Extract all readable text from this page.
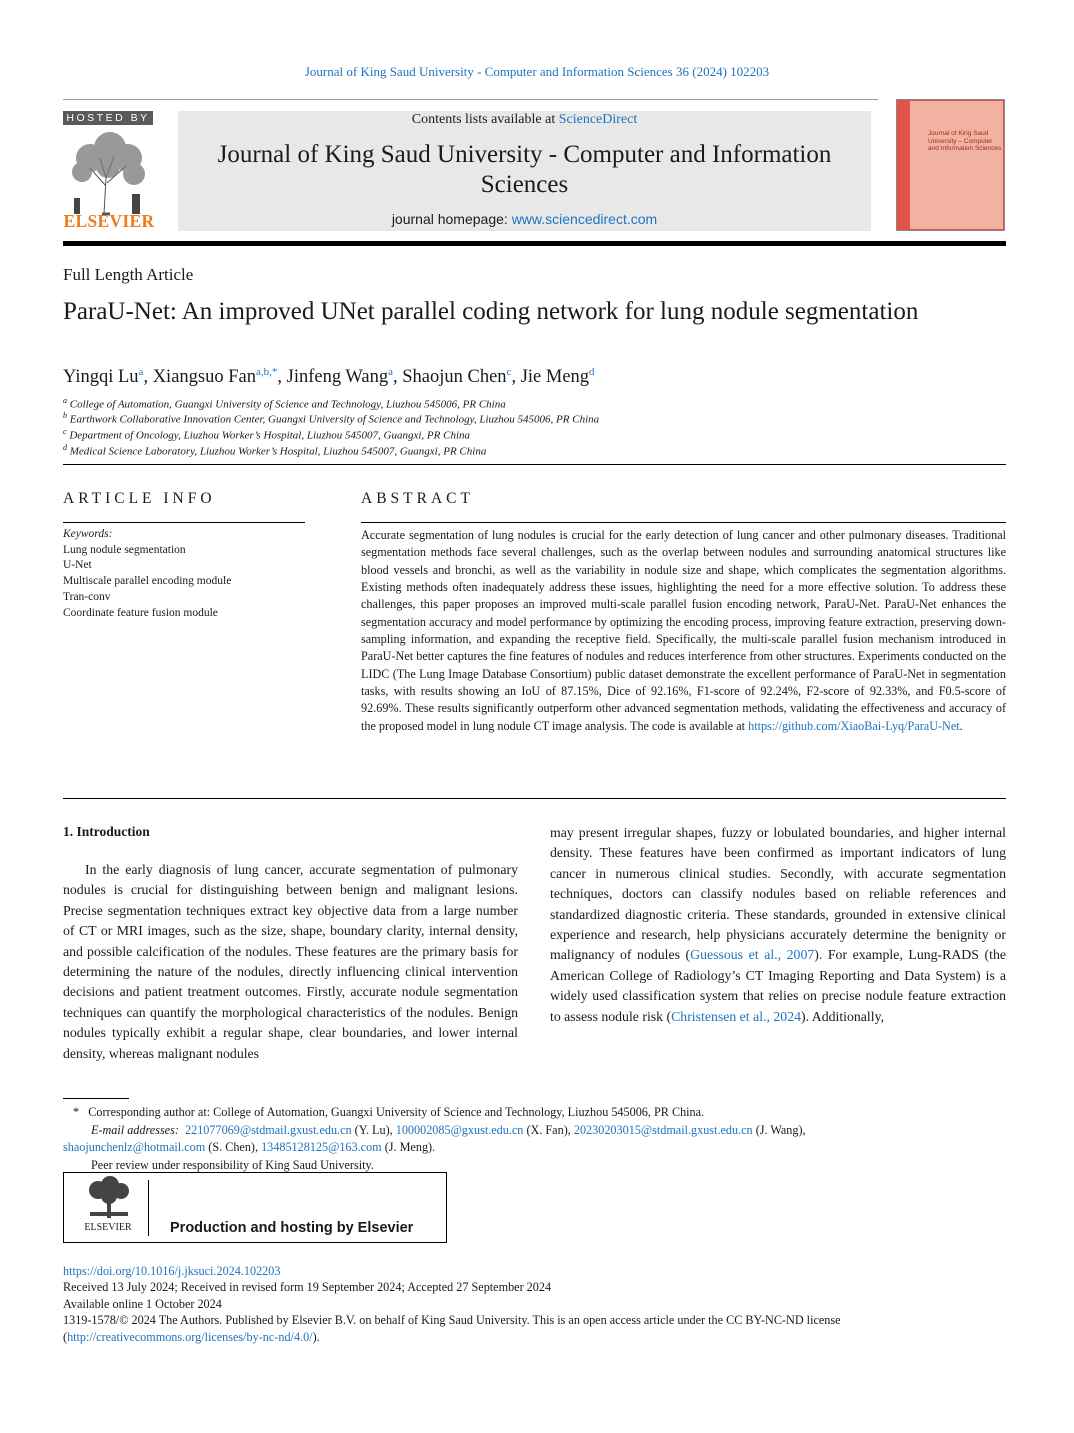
Journal of King Saud University - Computer and Information Sciences 36 (2024) 102203
HOSTED BY
ELSEVIER
Contents lists available at ScienceDirect
Journal of King Saud University - Computer and Information Sciences
journal homepage: www.sciencedirect.com
Journal of King Saud University – Computer and Information Sciences
Full Length Article
ParaU-Net: An improved UNet parallel coding network for lung nodule segmentation
Yingqi Lu$^a$, Xiangsuo Fan$^{a,b,*}$, Jinfeng Wang$^a$, Shaojun Chen$^c$, Jie Meng$^d$
$^a$ College of Automation, Guangxi University of Science and Technology, Liuzhou 545006, PR China
$^b$ Earthwork Collaborative Innovation Center, Guangxi University of Science and Technology, Liuzhou 545006, PR China
$^c$ Department of Oncology, Liuzhou Worker’s Hospital, Liuzhou 545007, Guangxi, PR China
$^d$ Medical Science Laboratory, Liuzhou Worker’s Hospital, Liuzhou 545007, Guangxi, PR China
ARTICLE INFO	ABSTRACT
Keywords:
Lung nodule segmentation
U-Net
Multiscale parallel encoding module
Tran-conv
Coordinate feature fusion module
Accurate segmentation of lung nodules is crucial for the early detection of lung cancer and other pulmonary diseases. Traditional segmentation methods face several challenges, such as the overlap between nodules and surrounding anatomical structures like blood vessels and bronchi, as well as the variability in nodule size and shape, which complicates the segmentation algorithms. Existing methods often inadequately address these issues, highlighting the need for a more effective solution. To address these challenges, this paper proposes an improved multi-scale parallel fusion encoding network, ParaU-Net. ParaU-Net enhances the segmentation accuracy and model performance by optimizing the encoding process, improving feature extraction, preserving down-sampling information, and expanding the receptive field. Specifically, the multi-scale parallel fusion mechanism introduced in ParaU-Net better captures the fine features of nodules and reduces interference from other structures. Experiments conducted on the LIDC (The Lung Image Database Consortium) public dataset demonstrate the excellent performance of ParaU-Net in segmentation tasks, with results showing an IoU of 87.15%, Dice of 92.16%, F1-score of 92.24%, F2-score of 92.33%, and F0.5-score of 92.69%. These results significantly outperform other advanced segmentation methods, validating the effectiveness and accuracy of the proposed model in lung nodule CT image analysis. The code is available at https://github.com/XiaoBai-Lyq/ParaU-Net.
1. Introduction
In the early diagnosis of lung cancer, accurate segmentation of pulmonary nodules is crucial for distinguishing between benign and malignant lesions. Precise segmentation techniques extract key objective data from a large number of CT or MRI images, such as the size, shape, boundary clarity, internal density, and possible calcification of the nodules. These features are the primary basis for determining the nature of the nodules, directly influencing clinical intervention decisions and patient treatment outcomes. Firstly, accurate nodule segmentation techniques can quantify the morphological characteristics of the nodules. Benign nodules typically exhibit a regular shape, clear boundaries, and lower internal density, whereas malignant nodules
may present irregular shapes, fuzzy or lobulated boundaries, and higher internal density. These features have been confirmed as important indicators of lung cancer in numerous clinical studies. Secondly, with accurate segmentation techniques, doctors can classify nodules based on reliable references and standardized diagnostic criteria. These standards, grounded in extensive clinical experience and research, help physicians accurately determine the benignity or malignancy of nodules (Guessous et al., 2007). For example, Lung-RADS (the American College of Radiology’s CT Imaging Reporting and Data System) is a widely used classification system that relies on precise nodule feature extraction to assess nodule risk (Christensen et al., 2024). Additionally,
* Corresponding author at: College of Automation, Guangxi University of Science and Technology, Liuzhou 545006, PR China.
E-mail addresses: 221077069@stdmail.gxust.edu.cn (Y. Lu), 100002085@gxust.edu.cn (X. Fan), 20230203015@stdmail.gxust.edu.cn (J. Wang),
shaojunchenlz@hotmail.com (S. Chen), 13485128125@163.com (J. Meng).
Peer review under responsibility of King Saud University.
ELSEVIER	Production and hosting by Elsevier
https://doi.org/10.1016/j.jksuci.2024.102203
Received 13 July 2024; Received in revised form 19 September 2024; Accepted 27 September 2024
Available online 1 October 2024
1319-1578/© 2024 The Authors. Published by Elsevier B.V. on behalf of King Saud University. This is an open access article under the CC BY-NC-ND license
(http://creativecommons.org/licenses/by-nc-nd/4.0/).
